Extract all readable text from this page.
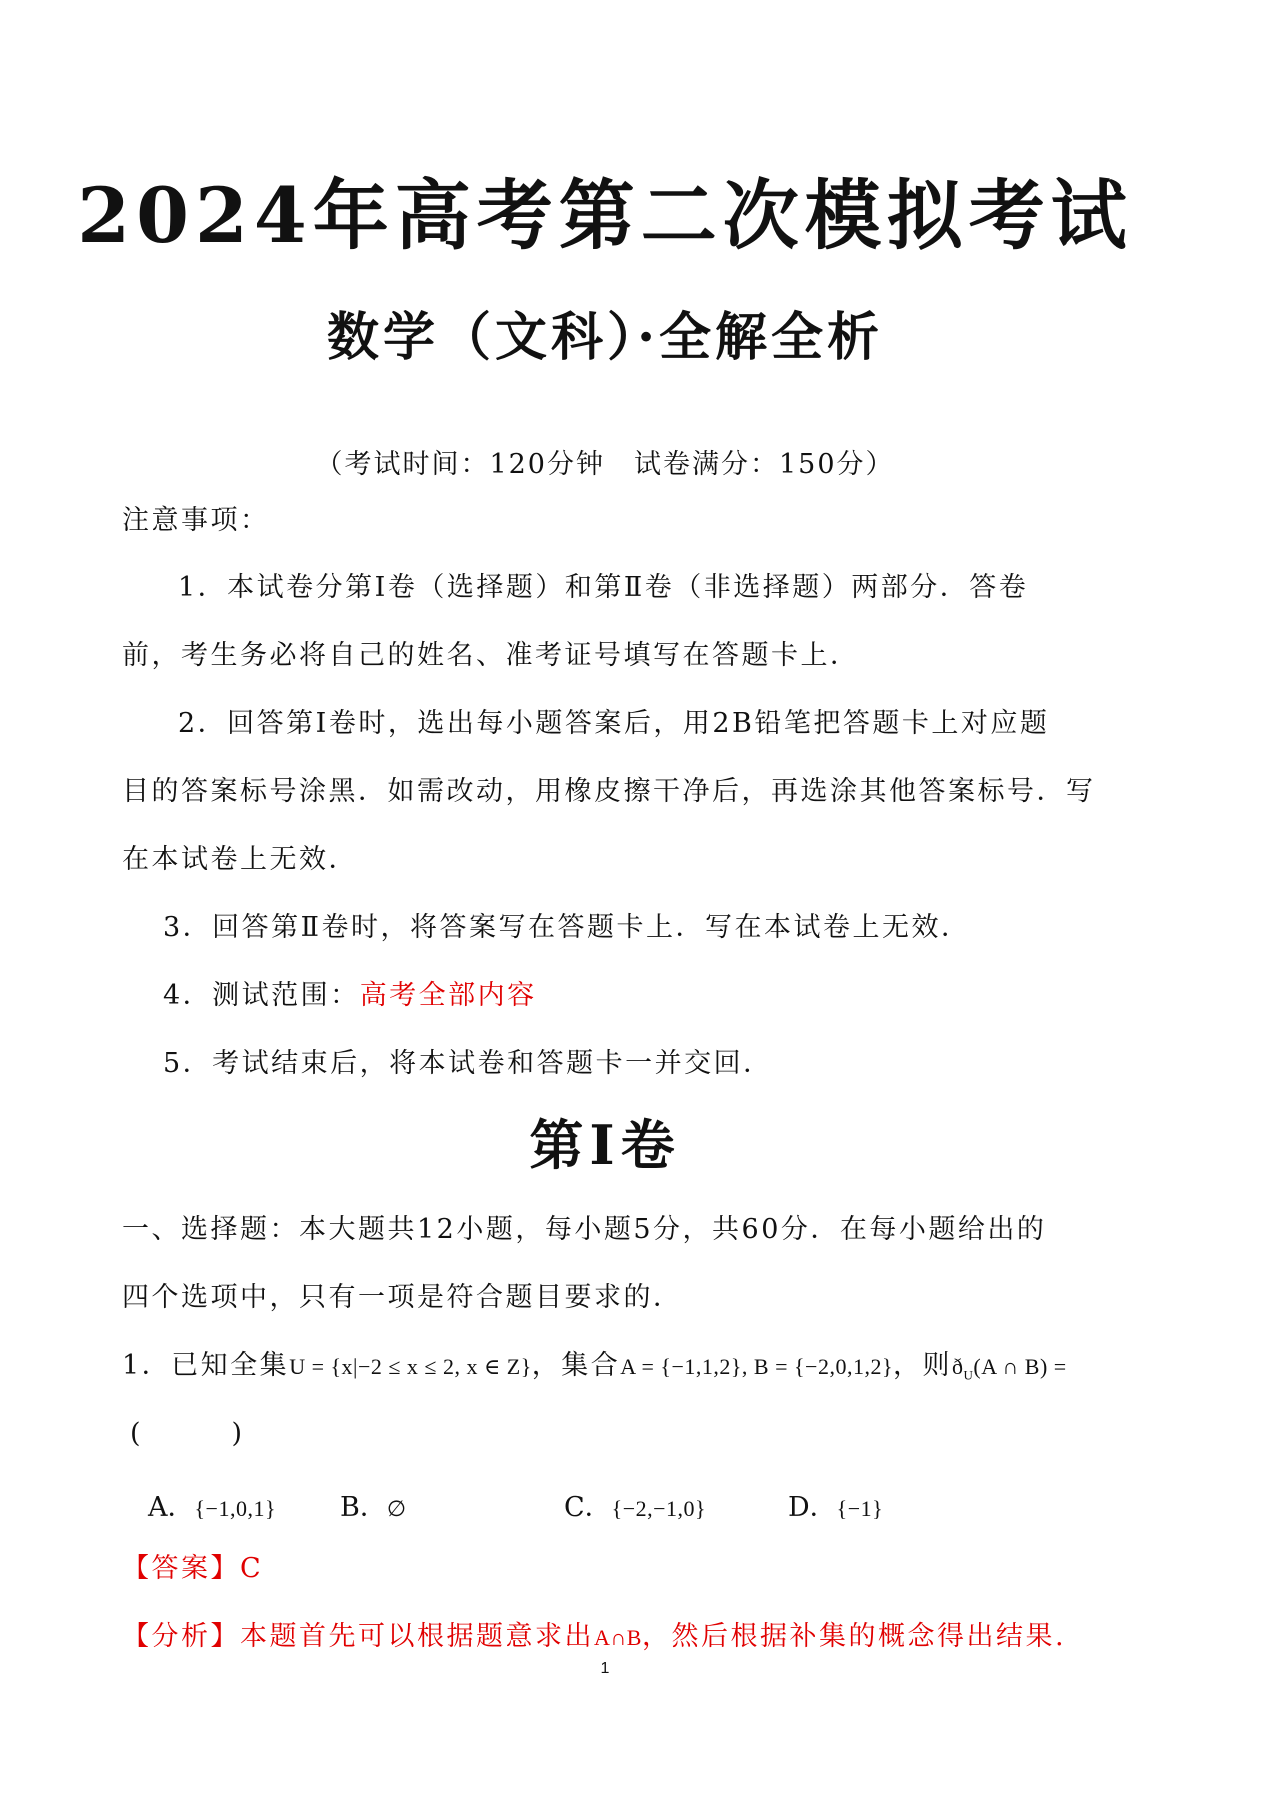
2024年高考第二次模拟考试
数学（文科）·全解全析
（考试时间：120分钟　试卷满分：150分）
注意事项：
1．本试卷分第Ⅰ卷（选择题）和第Ⅱ卷（非选择题）两部分．答卷
前，考生务必将自己的姓名、准考证号填写在答题卡上．
2．回答第Ⅰ卷时，选出每小题答案后，用2B铅笔把答题卡上对应题
目的答案标号涂黑．如需改动，用橡皮擦干净后，再选涂其他答案标号．写
在本试卷上无效．
3．回答第Ⅱ卷时，将答案写在答题卡上．写在本试卷上无效．
4．测试范围：高考全部内容
5．考试结束后，将本试卷和答题卡一并交回．
第Ⅰ卷
一、选择题：本大题共12小题，每小题5分，共60分．在每小题给出的
四个选项中，只有一项是符合题目要求的．
1．已知全集U = {x|−2 ≤ x ≤ 2, x ∈ Z}，集合A = {−1,1,2}, B = {−2,0,1,2}，则$ð_U(A$ ∩ B) =
(　　　)
A．{−1,0,1} B．∅	C．{−2,−1,0}	D．{−1}
【答案】C
【分析】本题首先可以根据题意求出A∩B，然后根据补集的概念得出结果.
1
